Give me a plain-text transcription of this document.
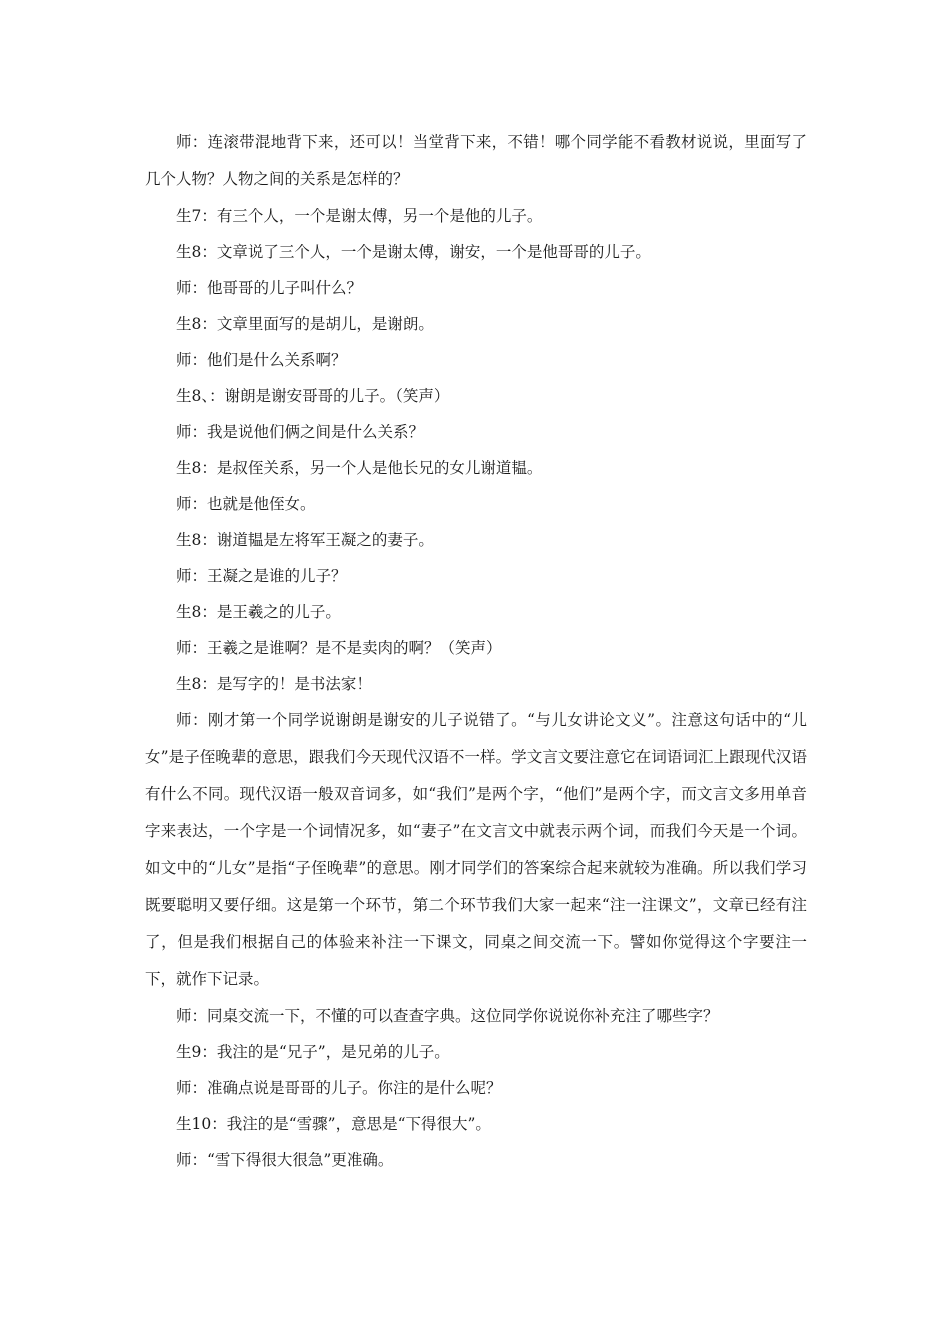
师：连滚带混地背下来，还可以！当堂背下来，不错！哪个同学能不看教材说说，里面写了几个人物？人物之间的关系是怎样的？

生7：有三个人，一个是谢太傅，另一个是他的儿子。

生8：文章说了三个人，一个是谢太傅，谢安，一个是他哥哥的儿子。

师：他哥哥的儿子叫什么？

生8：文章里面写的是胡儿，是谢朗。

师：他们是什么关系啊？

生8、：谢朗是谢安哥哥的儿子。（笑声）

师：我是说他们俩之间是什么关系？

生8：是叔侄关系，另一个人是他长兄的女儿谢道韫。

师：也就是他侄女。

生8：谢道韫是左将军王凝之的妻子。

师：王凝之是谁的儿子？

生8：是王羲之的儿子。

师：王羲之是谁啊？是不是卖肉的啊？（笑声）

生8：是写字的！是书法家！

师：刚才第一个同学说谢朗是谢安的儿子说错了。“与儿女讲论文义”。注意这句话中的“儿女”是子侄晚辈的意思，跟我们今天现代汉语不一样。学文言文要注意它在词语词汇上跟现代汉语有什么不同。现代汉语一般双音词多，如“我们”是两个字，“他们”是两个字，而文言文多用单音字来表达，一个字是一个词情况多，如“妻子”在文言文中就表示两个词，而我们今天是一个词。如文中的“儿女”是指“子侄晚辈”的意思。刚才同学们的答案综合起来就较为准确。所以我们学习既要聪明又要仔细。这是第一个环节，第二个环节我们大家一起来“注一注课文”，文章已经有注了，但是我们根据自己的体验来补注一下课文，同桌之间交流一下。譬如你觉得这个字要注一下，就作下记录。

师：同桌交流一下，不懂的可以查查字典。这位同学你说说你补充注了哪些字？

生9：我注的是“兄子”，是兄弟的儿子。

师：准确点说是哥哥的儿子。你注的是什么呢？

生10：我注的是“雪骤”，意思是“下得很大”。

师：“雪下得很大很急”更准确。
